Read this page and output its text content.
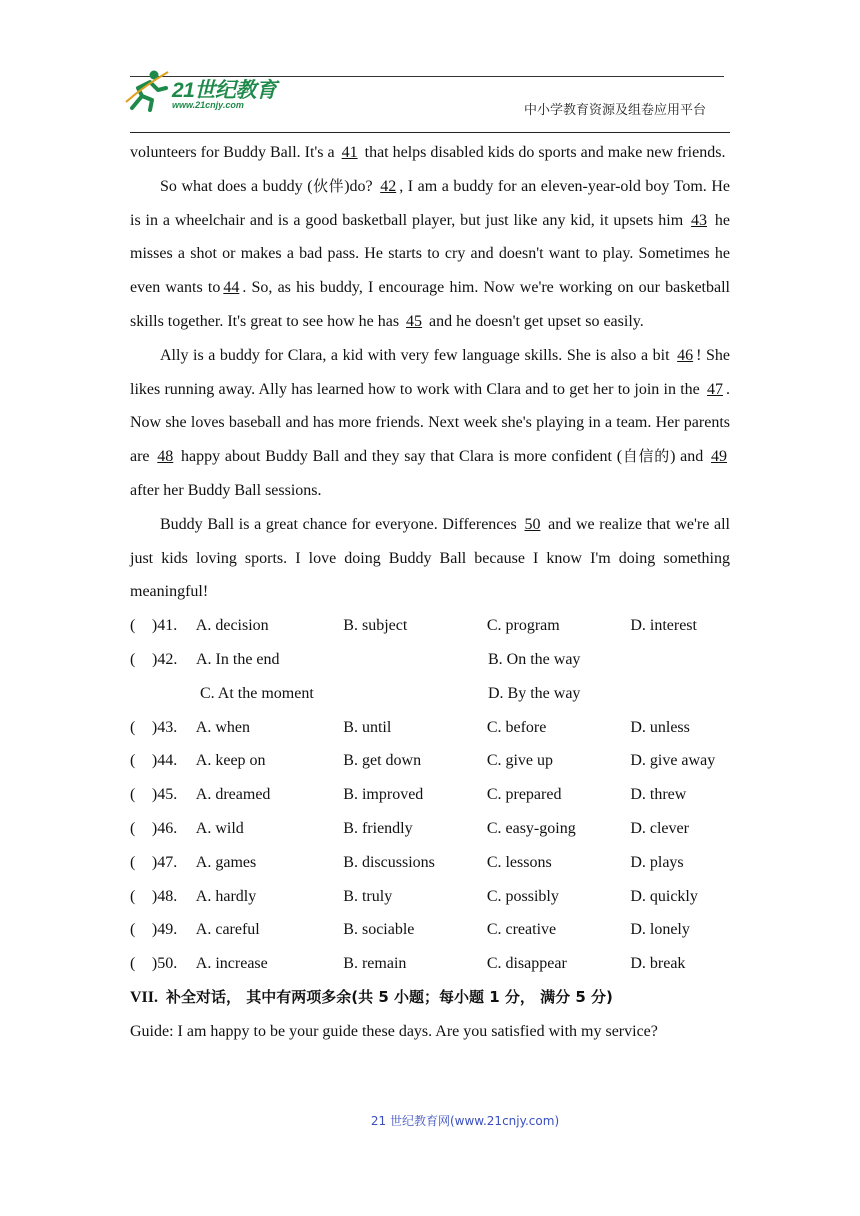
21世纪教育
www.21cnjy.com	中小学教育资源及组卷应用平台

volunteers for Buddy Ball. It's a 41 that helps disabled kids do sports and make new friends.

So what does a buddy (伙伴)do? 42 , I am a buddy for an eleven-year-old boy Tom. He is in a wheelchair and is a good basketball player, but just like any kid, it upsets him 43 he misses a shot or makes a bad pass. He starts to cry and doesn't want to play. Sometimes he even wants to 44 . So, as his buddy, I encourage him. Now we're working on our basketball skills together. It's great to see how he has 45 and he doesn't get upset so easily.

Ally is a buddy for Clara, a kid with very few language skills. She is also a bit 46 ! She likes running away. Ally has learned how to work with Clara and to get her to join in the 47 . Now she loves baseball and has more friends. Next week she's playing in a team. Her parents are 48 happy about Buddy Ball and they say that Clara is more confident (自信的) and 49 after her Buddy Ball sessions.

Buddy Ball is a great chance for everyone. Differences 50 and we realize that we're all just kids loving sports. I love doing Buddy Ball because I know I'm doing something meaningful!

(	)41.	A. decision	B. subject	C. program	D. interest
(	)42.	A. In the end	B. On the way
C. At the moment	D. By the way
(	)43.	A. when	B. until	C. before	D. unless
(	)44.	A. keep on	B. get down	C. give up	D. give away
(	)45.	A. dreamed	B. improved	C. prepared	D. threw
(	)46.	A. wild	B. friendly	C. easy-going	D. clever
(	)47.	A. games	B. discussions	C. lessons	D. plays
(	)48.	A. hardly	B. truly	C. possibly	D. quickly
(	)49.	A. careful	B. sociable	C. creative	D. lonely
(	)50.	A. increase	B. remain	C. disappear	D. break
VII. 补全对话， 其中有两项多余(共 5 小题；每小题 1 分， 满分 5 分)
Guide: I am happy to be your guide these days. Are you satisfied with my service?
21 世纪教育网(www.21cnjy.com)
